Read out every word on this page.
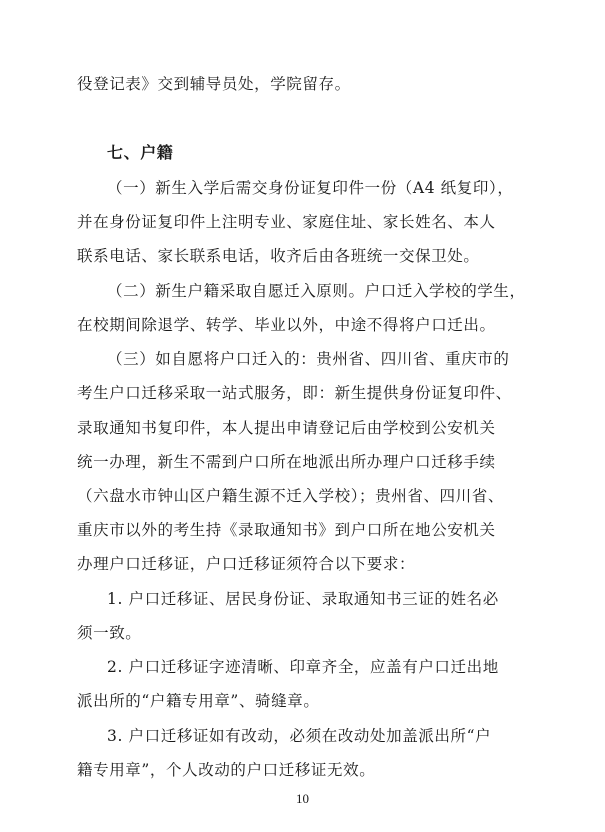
役登记表》交到辅导员处，学院留存。
七、户籍
（一）新生入学后需交身份证复印件一份（A4 纸复印），
并在身份证复印件上注明专业、家庭住址、家长姓名、本人
联系电话、家长联系电话，收齐后由各班统一交保卫处。
（二）新生户籍采取自愿迁入原则。户口迁入学校的学生，
在校期间除退学、转学、毕业以外，中途不得将户口迁出。
（三）如自愿将户口迁入的：贵州省、四川省、重庆市的
考生户口迁移采取一站式服务，即：新生提供身份证复印件、
录取通知书复印件，本人提出申请登记后由学校到公安机关
统一办理，新生不需到户口所在地派出所办理户口迁移手续
（六盘水市钟山区户籍生源不迁入学校）；贵州省、四川省、
重庆市以外的考生持《录取通知书》到户口所在地公安机关
办理户口迁移证，户口迁移证须符合以下要求：
1. 户口迁移证、居民身份证、录取通知书三证的姓名必
须一致。
2. 户口迁移证字迹清晰、印章齐全，应盖有户口迁出地
派出所的“户籍专用章”、骑缝章。
3. 户口迁移证如有改动，必须在改动处加盖派出所“户
籍专用章”，个人改动的户口迁移证无效。
10
